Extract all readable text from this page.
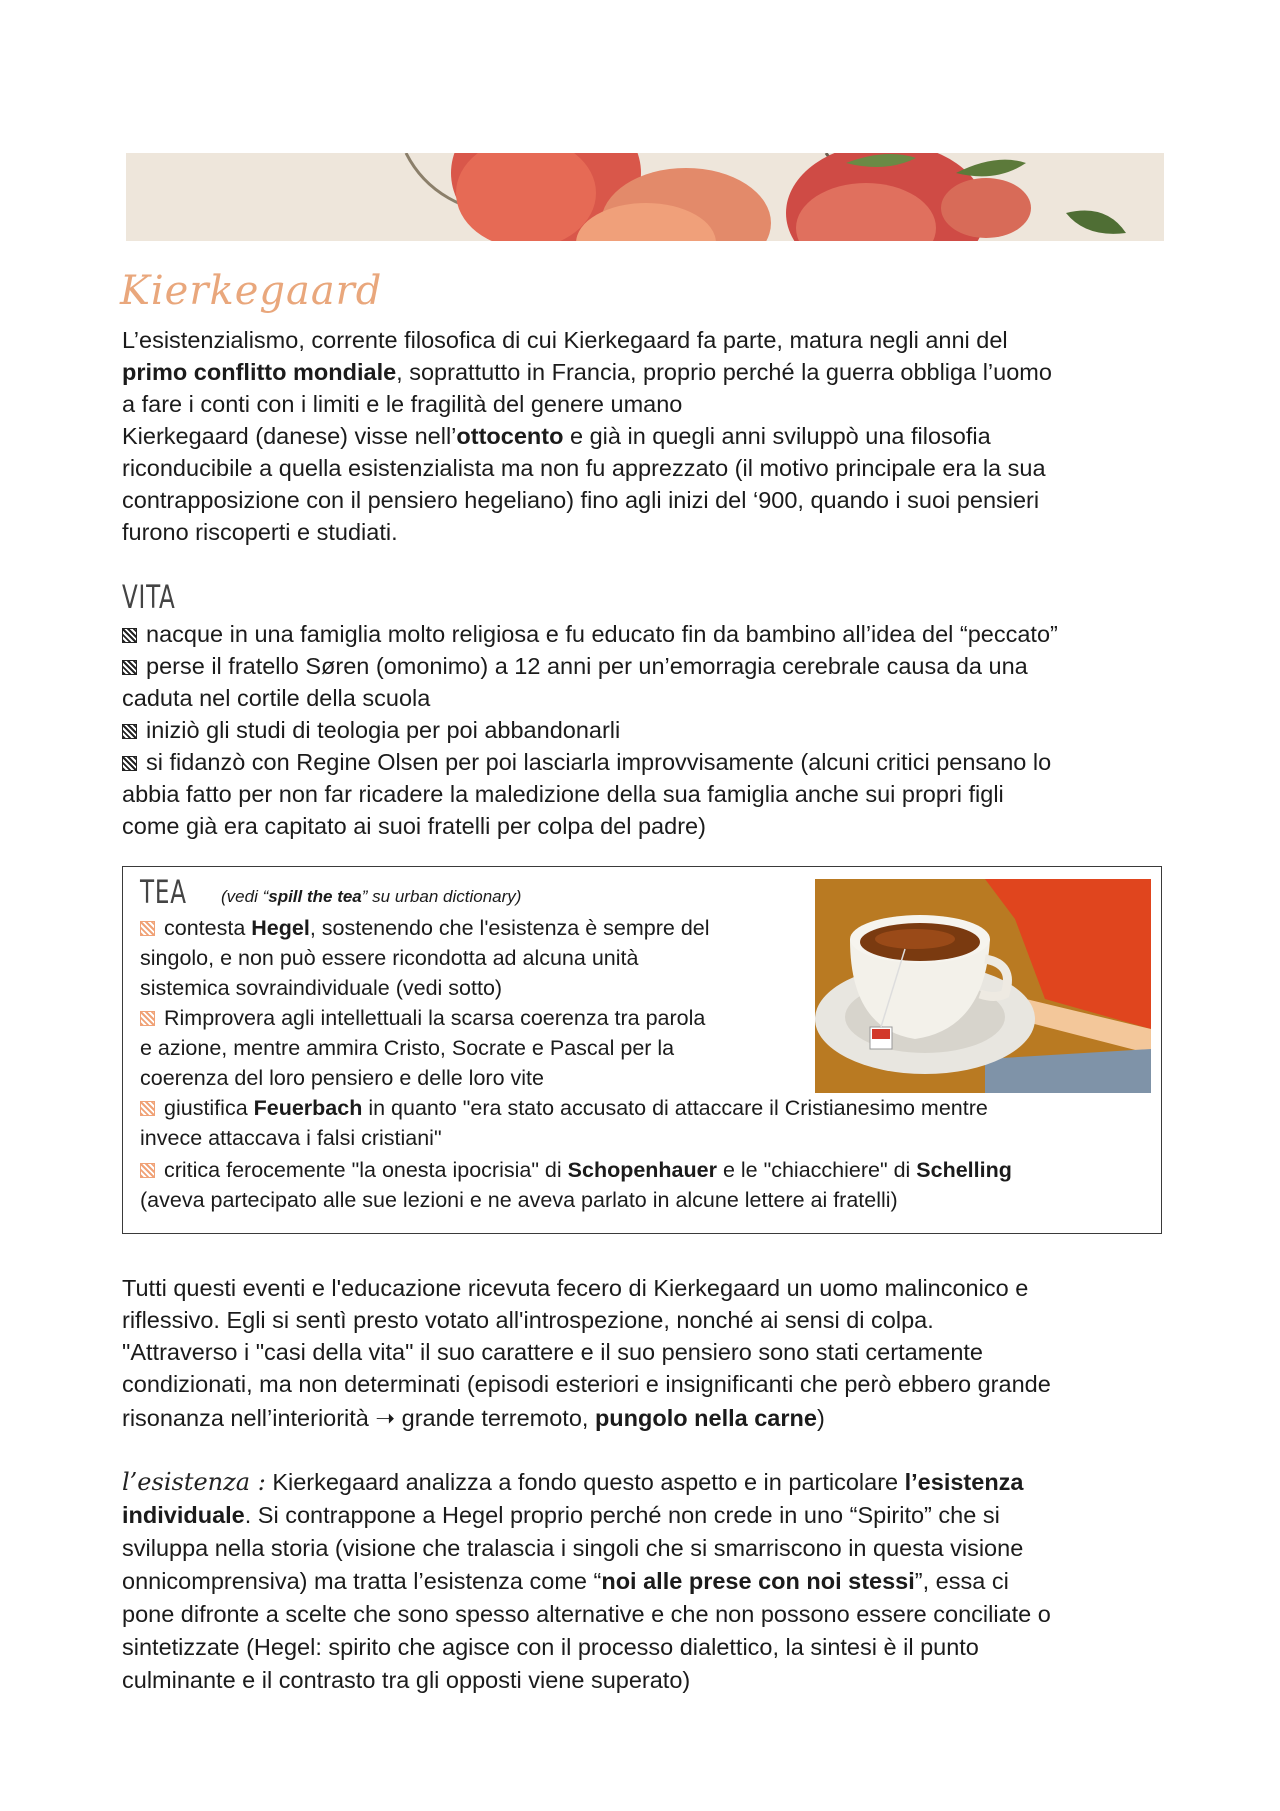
Kierkegaard

L’esistenzialismo, corrente filosofica di cui Kierkegaard fa parte, matura negli anni del

primo conflitto mondiale, soprattutto in Francia, proprio perché la guerra obbliga l’uomo

a fare i conti con i limiti e le fragilità del genere umano

Kierkegaard (danese) visse nell’ottocento e già in quegli anni sviluppò una filosofia

riconducibile a quella esistenzialista ma non fu apprezzato (il motivo principale era la sua

contrapposizione con il pensiero hegeliano) fino agli inizi del ‘900, quando i suoi pensieri

furono riscoperti e studiati.

VITA

nacque in una famiglia molto religiosa e fu educato fin da bambino all’idea del “peccato”

perse il fratello Søren (omonimo) a 12 anni per un’emorragia cerebrale causa da una

caduta nel cortile della scuola

iniziò gli studi di teologia per poi abbandonarli

si fidanzò con Regine Olsen per poi lasciarla improvvisamente (alcuni critici pensano lo

abbia fatto per non far ricadere la maledizione della sua famiglia anche sui propri figli

come già era capitato ai suoi fratelli per colpa del padre)

TEA (vedi “spill the tea” su urban dictionary)

contesta Hegel, sostenendo che l'esistenza è sempre del

singolo, e non può essere ricondotta ad alcuna unità

sistemica sovraindividuale (vedi sotto)

Rimprovera agli intellettuali la scarsa coerenza tra parola

e azione, mentre ammira Cristo, Socrate e Pascal per la

coerenza del loro pensiero e delle loro vite

giustifica Feuerbach in quanto "era stato accusato di attaccare il Cristianesimo mentre

invece attaccava i falsi cristiani"

critica ferocemente "la onesta ipocrisia" di Schopenhauer e le "chiacchiere" di Schelling

(aveva partecipato alle sue lezioni e ne aveva parlato in alcune lettere ai fratelli)

Tutti questi eventi e l'educazione ricevuta fecero di Kierkegaard un uomo malinconico e

riflessivo. Egli si sentì presto votato all'introspezione, nonché ai sensi di colpa.

"Attraverso i "casi della vita" il suo carattere e il suo pensiero sono stati certamente

condizionati, ma non determinati (episodi esteriori e insignificanti che però ebbero grande

risonanza nell’interiorità ➝ grande terremoto, pungolo nella carne)

l’esistenza : Kierkegaard analizza a fondo questo aspetto e in particolare l’esistenza

individuale. Si contrappone a Hegel proprio perché non crede in uno “Spirito” che si

sviluppa nella storia (visione che tralascia i singoli che si smarriscono in questa visione

onnicomprensiva) ma tratta l’esistenza come “noi alle prese con noi stessi”, essa ci

pone difronte a scelte che sono spesso alternative e che non possono essere conciliate o

sintetizzate (Hegel: spirito che agisce con il processo dialettico, la sintesi è il punto

culminante e il contrasto tra gli opposti viene superato)
